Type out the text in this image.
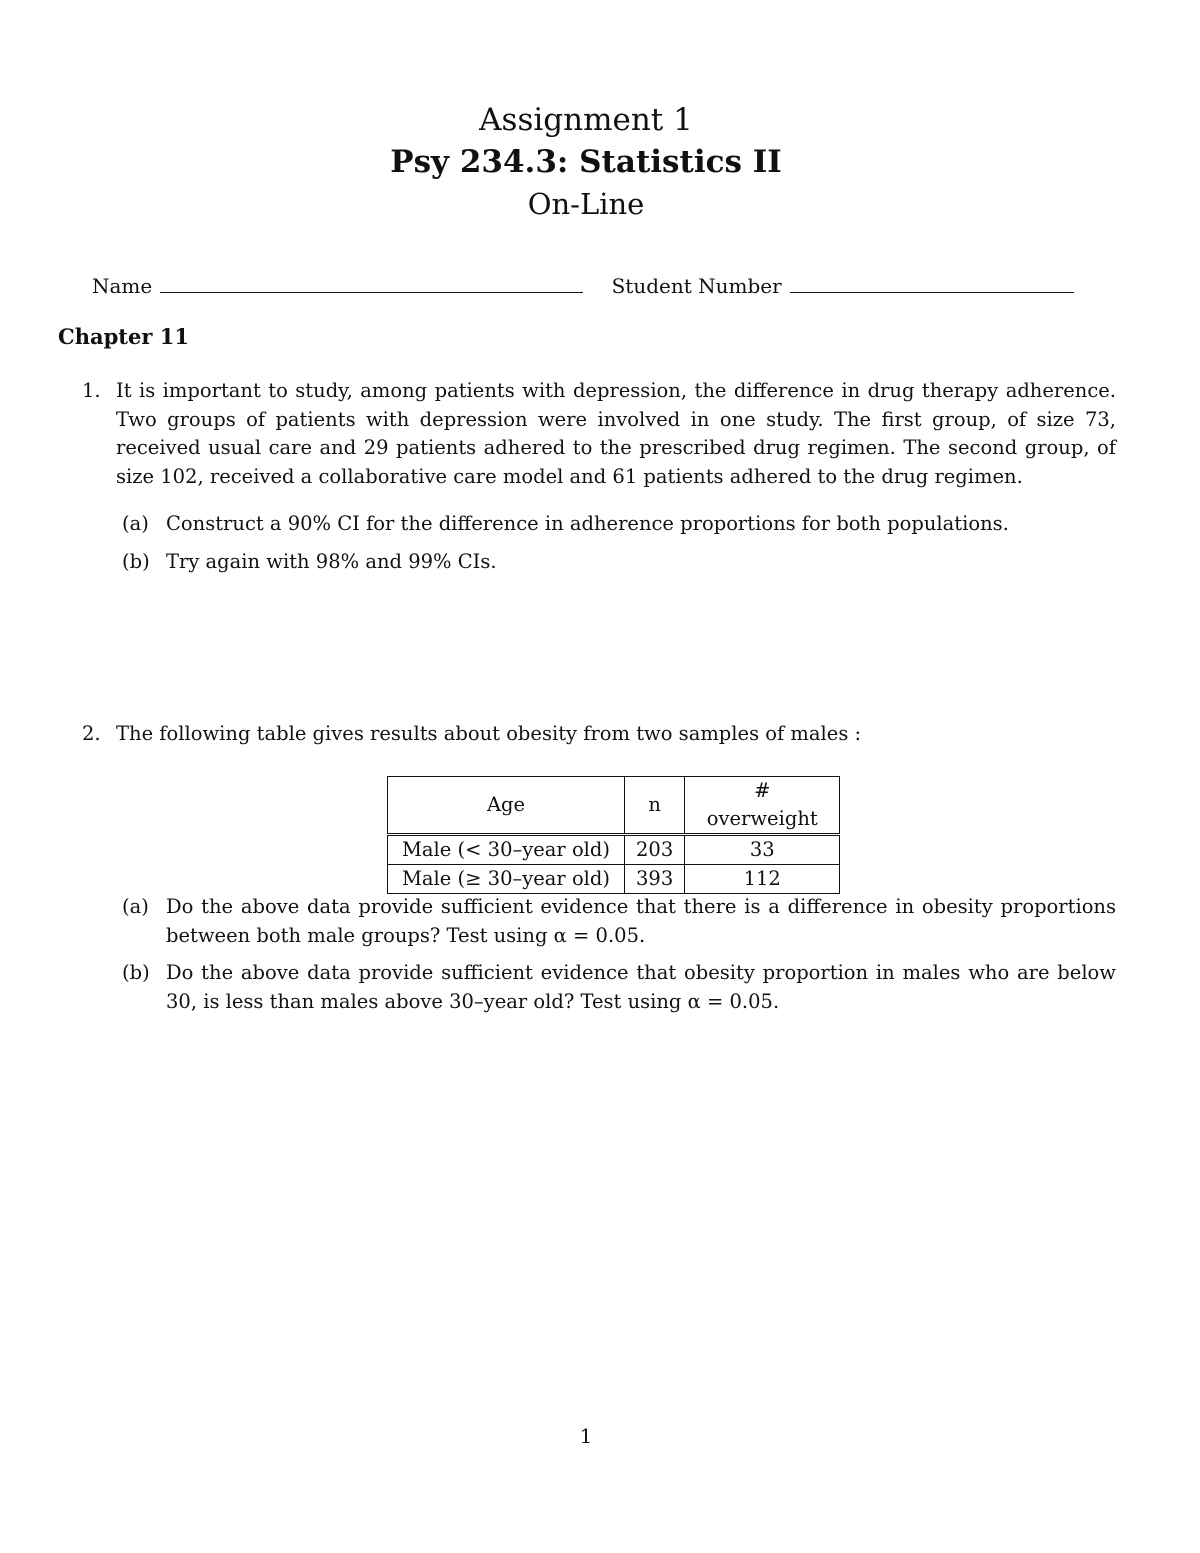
Assignment 1
Psy 234.3: Statistics II
On-Line
Name	Student Number
Chapter 11
1. It is important to study, among patients with depression, the difference in drug therapy adherence. Two groups of patients with depression were involved in one study. The first group, of size 73, received usual care and 29 patients adhered to the prescribed drug regimen. The second group, of size 102, received a collaborative care model and 61 patients adhered to the drug regimen.
(a) Construct a 90% CI for the difference in adherence proportions for both populations.
(b) Try again with 98% and 99% CIs.
2. The following table gives results about obesity from two samples of males :
Age	n	# overweight
Male (< 30–year old)	203	33
Male (≥ 30–year old)	393	112
(a) Do the above data provide sufficient evidence that there is a difference in obesity proportions between both male groups? Test using α = 0.05.
(b) Do the above data provide sufficient evidence that obesity proportion in males who are below 30, is less than males above 30–year old? Test using α = 0.05.
1
